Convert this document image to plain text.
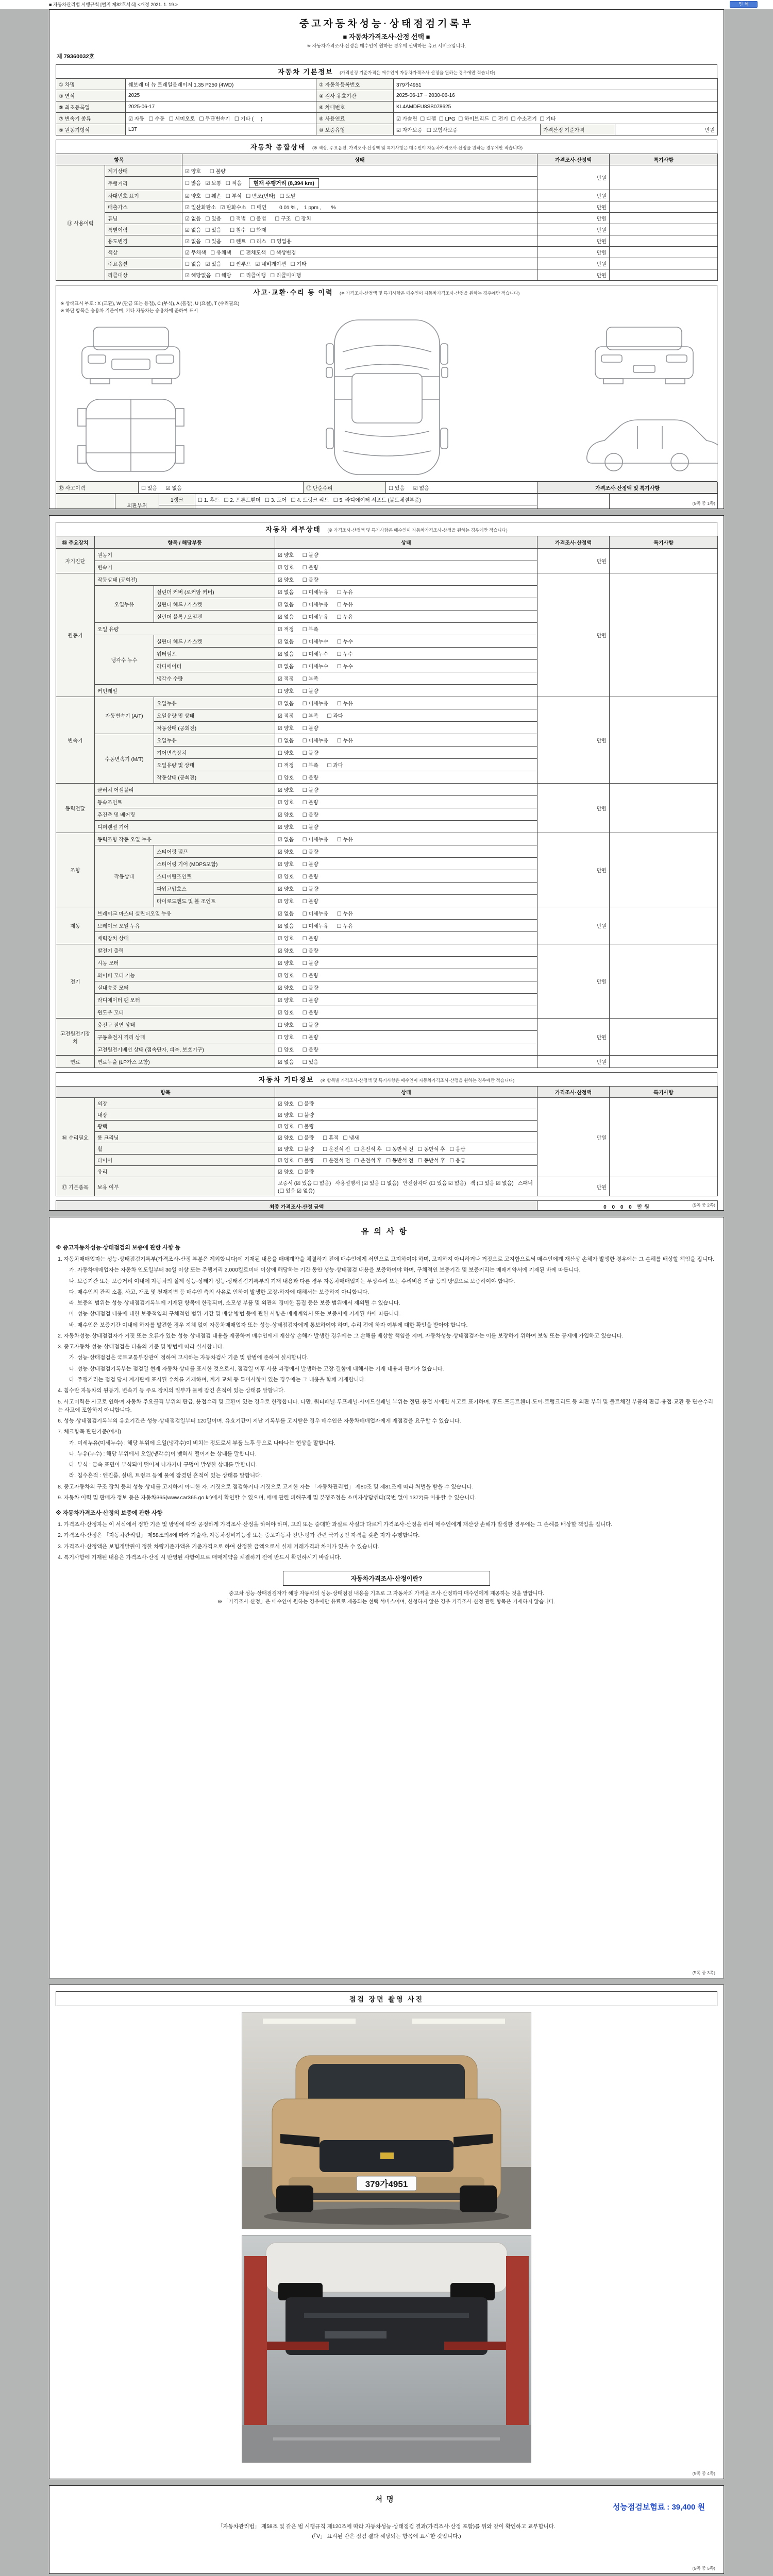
■ 자동차관리법 시행규칙 [별지 제82호서식] <개정 2021. 1. 19.>	인 쇄
중고자동차성능·상태점검기록부
■ 자동차가격조사·산정 선택 ■
※ 자동차가격조사·산정은 매수인이 원하는 경우에 선택하는 유료 서비스입니다.
제 79360032호
자동차 기본정보 (가격산정 기준가격은 매수인이 자동차가격조사·산정을 원하는 경우에만 적습니다)
① 차명	쉐보레 더 뉴 트레일블레이저 1.35 P250 (4WD)	② 자동차등록번호	379가4951		
③ 연식	2025	④ 검사 유효기간	2025-06-17 ~ 2030-06-16		
⑤ 최초등록일	2025-06-17	⑥ 차대번호	KL4AMDEU8SB078625		
⑦ 변속기 종류	☑ 자동   ☐ 수동   ☐ 세미오토   ☐ 무단변속기   ☐ 기타 (     )	⑧ 사용연료	☑ 가솔린  ☐ 디젤  ☐ LPG  ☐ 하이브리드  ☐ 전기  ☐ 수소전기  ☐ 기타		
⑨ 원동기형식	L3T	⑩ 보증유형	☑ 자가보증   ☐ 보험사보증	가격산정 기준가격	만원
자동차 종합상태 (※ 색상, 주요옵션, 가격조사·산정액 및 특기사항은 매수인이 자동차가격조사·산정을 원하는 경우에만 적습니다)
항목		상태	가격조사·산정액	특기사항
⑪ 사용이력	계기상태	☑ 양호      ☐ 불량	만원	
	주행거리	☐ 많음   ☑ 보통   ☐ 적음 현재 주행거리 (8,394 km)		
	차대번호 표기	☑ 양호   ☐ 훼손   ☐ 부식   ☐ 변조(변타)   ☐ 도말	만원	
	배출가스	☑ 일산화탄소   ☑ 탄화수소   ☐ 매연         0.01 % ,    1 ppm ,       %	만원	
	튜닝	☑ 없음   ☐ 있음      ☐ 적법   ☐ 불법      ☐ 구조   ☐ 장치	만원	
	특별이력	☑ 없음   ☐ 있음      ☐ 침수   ☐ 화재	만원	
	용도변경	☑ 없음   ☐ 있음      ☐ 렌트   ☐ 리스   ☐ 영업용	만원	
	색상	☑ 무채색   ☐ 유채색      ☐ 전체도색   ☐ 색상변경	만원	
	주요옵션	☐ 없음   ☑ 있음      ☐ 썬루프   ☑ 네비게이션   ☐ 기타	만원	
	리콜대상	☑ 해당없음   ☐ 해당      ☐ 리콜이행   ☐ 리콜미이행	만원	
사고·교환·수리 등 이력 (※ 가격조사·산정액 및 특기사항은 매수인이 자동차가격조사·산정을 원하는 경우에만 적습니다)
※ 상태표시 부호 : X (교환), W (판금 또는 용접), C (부식), A (흠집), U (요철), T (수리필요)
※ 하단 항목은 승용차 기준이며, 기타 자동차는 승용차에 준하여 표시
⑫ 사고이력	☐ 있음      ☑ 없음	⑬ 단순수리	☐ 있음      ☑ 없음	가격조사·산정액 및 특기사항
	외판부위	1랭크	☐ 1. 후드   ☐ 2. 프론트휀더   ☐ 3. 도어   ☐ 4. 트렁크 리드   ☐ 5. 라디에이터 서포트 (볼트체결부품)		

		(5쪽 중 1쪽)
자동차 세부상태 (※ 가격조사·산정액 및 특기사항은 매수인이 자동차가격조사·산정을 원하는 경우에만 적습니다)
⑮ 주요장치	항목 / 해당부품		상태	가격조사·산정액	특기사항
자기진단	원동기		☑ 양호      ☐ 불량	만원	
	변속기		☑ 양호      ☐ 불량		
원동기	작동상태 (공회전)		☑ 양호      ☐ 불량	만원	
	오일누유	실린더 커버 (로커암 커버)	☑ 없음      ☐ 미세누유      ☐ 누유		
		실린더 헤드 / 가스켓	☑ 없음      ☐ 미세누유      ☐ 누유		
		실린더 블록 / 오일팬	☑ 없음      ☐ 미세누유      ☐ 누유		
	오일 유량		☑ 적정      ☐ 부족		
	냉각수 누수	실린더 헤드 / 가스켓	☑ 없음      ☐ 미세누수      ☐ 누수		
		워터펌프	☑ 없음      ☐ 미세누수      ☐ 누수		
		라디에이터	☑ 없음      ☐ 미세누수      ☐ 누수		
		냉각수 수량	☑ 적정      ☐ 부족		
	커먼레일		☐ 양호      ☐ 불량		
변속기	자동변속기 (A/T)	오일누유	☑ 없음      ☐ 미세누유      ☐ 누유	만원	
		오일유량 및 상태	☑ 적정      ☐ 부족      ☐ 과다		
		작동상태 (공회전)	☑ 양호      ☐ 불량		
	수동변속기 (M/T)	오일누유	☐ 없음      ☐ 미세누유      ☐ 누유		
		기어변속장치	☐ 양호      ☐ 불량		
		오일유량 및 상태	☐ 적정      ☐ 부족      ☐ 과다		
		작동상태 (공회전)	☐ 양호      ☐ 불량		
동력전달	클러치 어셈블리		☑ 양호      ☐ 불량	만원	
	등속조인트		☑ 양호      ☐ 불량		
	추진축 및 베어링		☑ 양호      ☐ 불량		
	디퍼렌셜 기어		☑ 양호      ☐ 불량		
조향	동력조향 작동 오일 누유		☑ 없음      ☐ 미세누유      ☐ 누유	만원	
	작동상태	스티어링 펌프	☑ 양호      ☐ 불량		
		스티어링 기어 (MDPS포함)	☑ 양호      ☐ 불량		
		스티어링조인트	☑ 양호      ☐ 불량		
		파워고압호스	☑ 양호      ☐ 불량		
		타이로드엔드 및 볼 조인트	☑ 양호      ☐ 불량		
제동	브레이크 마스터 실린더오일 누유		☑ 없음      ☐ 미세누유      ☐ 누유	만원	
	브레이크 오일 누유		☑ 없음      ☐ 미세누유      ☐ 누유		
	배력장치 상태		☑ 양호      ☐ 불량		
전기	발전기 출력		☑ 양호      ☐ 불량	만원	
	시동 모터		☑ 양호      ☐ 불량		
	와이퍼 모터 기능		☑ 양호      ☐ 불량		
	실내송풍 모터		☑ 양호      ☐ 불량		
	라디에이터 팬 모터		☑ 양호      ☐ 불량		
	윈도우 모터		☑ 양호      ☐ 불량		
고전원전기장치	충전구 절연 상태		☐ 양호      ☐ 불량	만원	
	구동축전지 격리 상태		☐ 양호      ☐ 불량		
	고전원전기배선 상태 (접속단자, 피복, 보호기구)		☐ 양호      ☐ 불량		
연료	연료누출 (LP가스 포함)		☑ 없음      ☐ 있음	만원	
자동차 기타정보 (※ 항목별 가격조사·산정액 및 특기사항은 매수인이 자동차가격조사·산정을 원하는 경우에만 적습니다)
항목		상태	가격조사·산정액	특기사항
⑯ 수리필요	외장	☑ 양호   ☐ 불량	만원	
	내장	☑ 양호   ☐ 불량		
	광택	☑ 양호   ☐ 불량		
	룸 크리닝	☑ 양호   ☐ 불량      ☐ 흔적   ☐ 냄새		
	휠	☑ 양호   ☐ 불량      ☐ 운전석 전   ☐ 운전석 후   ☐ 동반석 전   ☐ 동반석 후   ☐ 응급		
	타이어	☑ 양호   ☐ 불량      ☐ 운전석 전   ☐ 운전석 후   ☐ 동반석 전   ☐ 동반석 후   ☐ 응급		
	유리	☑ 양호   ☐ 불량		
⑰ 기본품목	보유 여부	보증서 (☑ 있음 ☐ 없음)   사용설명서 (☑ 있음 ☐ 없음)   안전삼각대 (☐ 있음 ☑ 없음)   잭 (☐ 있음 ☑ 없음)   스패너 (☐ 있음 ☑ 없음)	만원	
최종 가격조사·산정 금액	0 0 0 0 만원

		(5쪽 중 2쪽)
유의사항
※ 중고자동차성능·상태점검의 보증에 관한 사항 등
1. 자동차매매업자는 성능·상태점검기록부(가격조사·산정 부분은 제외합니다)에 기재된 내용을 매매계약을 체결하기 전에 매수인에게 서면으로 고지하여야 하며, 고지하지 아니하거나 거짓으로 고지함으로써 매수인에게 재산상 손해가 발생한 경우에는 그 손해를 배상할 책임을 집니다.
가. 자동차매매업자는 자동차 인도일부터 30일 이상 또는 주행거리 2,000킬로미터 이상에 해당하는 기간 동안 성능·상태점검 내용을 보증하여야 하며, 구체적인 보증기간 및 보증거리는 매매계약서에 기재된 바에 따릅니다.
나. 보증기간 또는 보증거리 이내에 자동차의 실제 성능·상태가 성능·상태점검기록부의 기재 내용과 다른 경우 자동차매매업자는 무상수리 또는 수리비용 지급 등의 방법으로 보증하여야 합니다.
다. 매수인의 관리 소홀, 사고, 개조 및 천재지변 등 매수인 측의 사유로 인하여 발생한 고장·하자에 대해서는 보증하지 아니합니다.
라. 보증의 범위는 성능·상태점검기록부에 기재된 항목에 한정되며, 소모성 부품 및 외관의 경미한 흠집 등은 보증 범위에서 제외될 수 있습니다.
마. 성능·상태점검 내용에 대한 보증책임의 구체적인 범위·기간 및 배상 방법 등에 관한 사항은 매매계약서 또는 보증서에 기재된 바에 따릅니다.
바. 매수인은 보증기간 이내에 하자를 발견한 경우 지체 없이 자동차매매업자 또는 성능·상태점검자에게 통보하여야 하며, 수리 전에 하자 여부에 대한 확인을 받아야 합니다.
2. 자동차성능·상태점검자가 거짓 또는 오류가 있는 성능·상태점검 내용을 제공하여 매수인에게 재산상 손해가 발생한 경우에는 그 손해를 배상할 책임을 지며, 자동차성능·상태점검자는 이를 보장하기 위하여 보험 또는 공제에 가입하고 있습니다.
3. 중고자동차 성능·상태점검은 다음의 기준 및 방법에 따라 실시합니다.
가. 성능·상태점검은 국토교통부장관이 정하여 고시하는 자동차검사 기준 및 방법에 준하여 실시합니다.
나. 성능·상태점검기록부는 점검일 현재 자동차 상태를 표시한 것으로서, 점검일 이후 사용 과정에서 발생하는 고장·결함에 대해서는 기재 내용과 관계가 없습니다.
다. 주행거리는 점검 당시 계기판에 표시된 수치를 기재하며, 계기 교체 등 특이사항이 있는 경우에는 그 내용을 함께 기재합니다.
4. 침수란 자동차의 원동기, 변속기 등 주요 장치의 일부가 물에 잠긴 흔적이 있는 상태를 말합니다.
5. 사고이력은 사고로 인하여 자동차 주요골격 부위의 판금, 용접수리 및 교환이 있는 경우로 한정합니다. 다만, 쿼터패널·루프패널·사이드실패널 부위는 절단·용접 시에만 사고로 표기하며, 후드·프론트휀더·도어·트렁크리드 등 외판 부위 및 볼트체결 부품의 판금·용접·교환 등 단순수리는 사고에 포함하지 아니합니다.
6. 성능·상태점검기록부의 유효기간은 성능·상태점검일부터 120일이며, 유효기간이 지난 기록부를 고지받은 경우 매수인은 자동차매매업자에게 재점검을 요구할 수 있습니다.
7. 체크항목 판단기준(예시)
가. 미세누유(미세누수) : 해당 부위에 오일(냉각수)이 비치는 정도로서 부품 노후 등으로 나타나는 현상을 말합니다.
나. 누유(누수) : 해당 부위에서 오일(냉각수)이 맺혀서 떨어지는 상태를 말합니다.
다. 부식 : 금속 표면이 부식되어 떨어져 나가거나 구멍이 발생한 상태를 말합니다.
라. 침수흔적 : 엔진룸, 실내, 트렁크 등에 물에 잠겼던 흔적이 있는 상태를 말합니다.
8. 중고자동차의 구조·장치 등의 성능·상태를 고지하지 아니한 자, 거짓으로 점검하거나 거짓으로 고지한 자는 「자동차관리법」 제80조 및 제81조에 따라 처벌을 받을 수 있습니다.
9. 자동차 이력 및 판매자 정보 등은 자동차365(www.car365.go.kr)에서 확인할 수 있으며, 매매 관련 피해구제 및 분쟁조정은 소비자상담센터(국번 없이 1372)를 이용할 수 있습니다.
※ 자동차가격조사·산정의 보증에 관한 사항
1. 가격조사·산정자는 이 서식에서 정한 기준 및 방법에 따라 공정하게 가격조사·산정을 하여야 하며, 고의 또는 중대한 과실로 사실과 다르게 가격조사·산정을 하여 매수인에게 재산상 손해가 발생한 경우에는 그 손해를 배상할 책임을 집니다.
2. 가격조사·산정은 「자동차관리법」 제58조의4에 따라 기술사, 자동차정비기능장 또는 중고자동차 진단·평가 관련 국가공인 자격을 갖춘 자가 수행합니다.
3. 가격조사·산정액은 보험개발원이 정한 차량기준가액을 기준가격으로 하여 산정한 금액으로서 실제 거래가격과 차이가 있을 수 있습니다.
4. 특기사항에 기재된 내용은 가격조사·산정 시 반영된 사항이므로 매매계약을 체결하기 전에 반드시 확인하시기 바랍니다.
자동차가격조사·산정이란?
중고차 성능·상태점검자가 해당 자동차의 성능·상태점검 내용을 기초로 그 자동차의 가격을 조사·산정하여 매수인에게 제공하는 것을 말합니다.
※ 「가격조사·산정」은 매수인이 원하는 경우에만 유료로 제공되는 선택 서비스이며, 신청하지 않은 경우 가격조사·산정 관련 항목은 기재하지 않습니다.
(5쪽 중 3쪽)
점검 장면 촬영 사진
379가4951
(5쪽 중 4쪽)
서명
성능점검보험료 : 39,400 원
「자동차관리법」 제58조 및 같은 법 시행규칙 제120조에 따라 자동차성능·상태점검 결과(가격조사·산정 포함)를 위와 같이 확인하고 교부합니다.
(「V」 표시된 란은 점검 결과 해당되는 항목에 표시한 것입니다.)
(5쪽 중 5쪽)
